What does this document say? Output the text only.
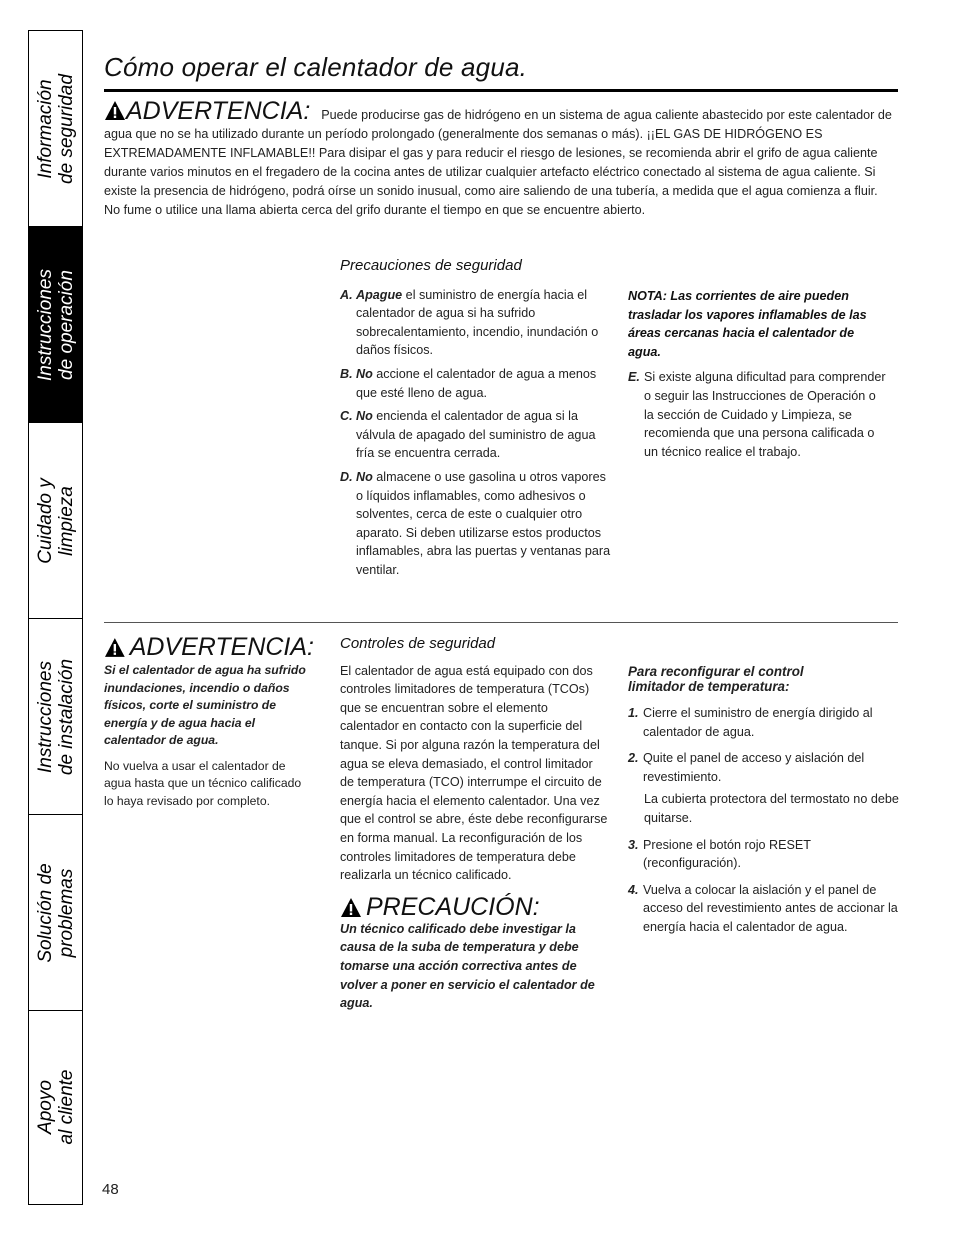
Información de seguridad
Instrucciones de operación
Cuidado y limpieza
Instrucciones de instalación
Solución de problemas
Apoyo al cliente
Cómo operar el calentador de agua.
ADVERTENCIA: Puede producirse gas de hidrógeno en un sistema de agua caliente abastecido por este calentador de agua que no se ha utilizado durante un período prolongado (generalmente dos semanas o más). ¡¡EL GAS DE HIDRÓGENO ES EXTREMADAMENTE INFLAMABLE!! Para disipar el gas y para reducir el riesgo de lesiones, se recomienda abrir el grifo de agua caliente durante varios minutos en el fregadero de la cocina antes de utilizar cualquier artefacto eléctrico conectado al sistema de agua caliente. Si existe la presencia de hidrógeno, podrá oírse un sonido inusual, como aire saliendo de una tubería, a medida que el agua comienza a fluir. No fume o utilice una llama abierta cerca del grifo durante el tiempo en que se encuentre abierto.
Precauciones de seguridad

A. Apague el suministro de energía hacia el calentador de agua si ha sufrido sobrecalentamiento, incendio, inundación o daños físicos.

B. No accione el calentador de agua a menos que esté lleno de agua.

C. No encienda el calentador de agua si la válvula de apagado del suministro de agua fría se encuentra cerrada.

D. No almacene o use gasolina u otros vapores o líquidos inflamables, como adhesivos o solventes, cerca de este o cualquier otro aparato. Si deben utilizarse estos productos inflamables, abra las puertas y ventanas para ventilar.

NOTA: Las corrientes de aire pueden trasladar los vapores inflamables de las áreas cercanas hacia el calentador de agua.

E. Si existe alguna dificultad para comprender o seguir las Instrucciones de Operación o la sección de Cuidado y Limpieza, se recomienda que una persona calificada o un técnico realice el trabajo.

ADVERTENCIA:

Si el calentador de agua ha sufrido inundaciones, incendio o daños físicos, corte el suministro de energía y de agua hacia el calentador de agua.

No vuelva a usar el calentador de agua hasta que un técnico calificado lo haya revisado por completo.

Controles de seguridad

El calentador de agua está equipado con dos controles limitadores de temperatura (TCOs) que se encuentran sobre el elemento calentador en contacto con la superficie del tanque. Si por alguna razón la temperatura del agua se eleva demasiado, el control limitador de temperatura (TCO) interrumpe el circuito de energía hacia el elemento calentador. Una vez que el control se abre, éste debe reconfigurarse en forma manual. La reconfiguración de los controles limitadores de temperatura debe realizarla un técnico calificado.

PRECAUCIÓN:

Un técnico calificado debe investigar la causa de la suba de temperatura y debe tomarse una acción correctiva antes de volver a poner en servicio el calentador de agua.

Para reconfigurar el control limitador de temperatura:

1. Cierre el suministro de energía dirigido al calentador de agua.

2. Quite el panel de acceso y aislación del revestimiento.

La cubierta protectora del termostato no debe quitarse.

3. Presione el botón rojo RESET (reconfiguración).

4. Vuelva a colocar la aislación y el panel de acceso del revestimiento antes de accionar la energía hacia el calentador de agua.

48
